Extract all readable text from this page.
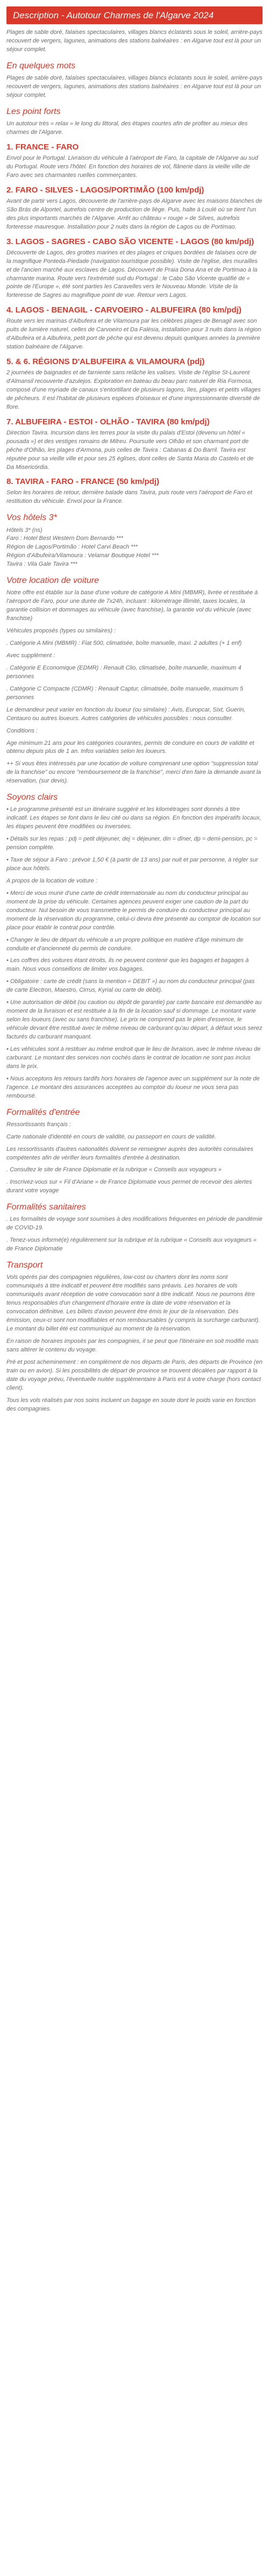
Description - Autotour Charmes de l'Algarve 2024

Plages de sable doré, falaises spectaculaires, villages blancs éclatants sous le soleil, arrière-pays recouvert de vergers, lagunes, animations des stations balnéaires : en Algarve tout est là pour un séjour complet.

En quelques mots

Plages de sable doré, falaises spectaculaires, villages blancs éclatants sous le soleil, arrière-pays recouvert de vergers, lagunes, animations des stations balnéaires : en Algarve tout est là pour un séjour complet.

Les point forts

Un autotour très « relax » le long du littoral, des étapes courtes afin de profiter au mieux des charmes de l'Algarve.

1. FRANCE - FARO

Envol pour le Portugal. Livraison du véhicule à l'aéroport de Faro, la capitale de l'Algarve au sud du Portugal. Route vers l'hôtel. En fonction des horaires de vol, flânerie dans la vieille ville de Faro avec ses charmantes ruelles commerçantes.

2. FARO - SILVES - LAGOS/PORTIMÃO (100 km/pdj)

Avant de partir vers Lagos, découverte de l'arrière-pays de Algarve avec les maisons blanches de São Brás de Alportel, autrefois centre de production de liège. Puis, halte à Loulé où se tient l'un des plus importants marchés de l'Algarve. Arrêt au château « rouge » de Silves, autrefois forteresse mauresque. Installation pour 2 nuits dans la région de Lagos ou de Portimao.

3. LAGOS - SAGRES - CABO SÃO VICENTE - LAGOS (80 km/pdj)

Découverte de Lagos, des grottes marines et des plages et criques bordées de falaises ocre de la magnifique Ponteda-Piedade (navigation touristique possible). Visite de l'église, des murailles et de l'ancien marché aux esclaves de Lagos. Découvert de Praia Dona Ana et de Portimao à la charmante marina. Route vers l'extrémité sud du Portugal : le Cabo São Vicente qualifié de « pointe de l'Europe », été sont parties les Caravelles vers le Nouveau Monde. Visite de la forteresse de Sagres au magnifique point de vue. Retour vers Lagos.

4. LAGOS - BENAGIL - CARVOEIRO - ALBUFEIRA (80 km/pdj)

Route vers les marinas d'Albufeira et de Vilamoura par les célèbres plages de Benagil avec son puits de lumière naturel, celles de Carvoeiro et Da Falésia, installation pour 3 nuits dans la région d'Albufeira et à Albufeira, petit port de pêche qui est devenu depuis quelques années la première station balnéaire de l'Algarve.

5. & 6. RÉGIONS D'ALBUFEIRA & VILAMOURA (pdj)

2 journées de baignades et de farniente sans relâche les valises. Visite de l'église St-Laurent d'Almansil recouverte d'azulejos. Exploration en bateau du beau parc naturel de Ria Formosa, composé d'une myriade de canaux s'entortillant de plusieurs lagons, îles, plages et petits villages de pêcheurs. Il est l'habitat de plusieurs espèces d'oiseaux et d'une impressionnante diversité de flore.

7. ALBUFEIRA - ESTOI - OLHÃO - TAVIRA (80 km/pdj)

Direction Tavira. Incursion dans les terres pour la visite du palais d'Estoi (devenu un hôtel « pousada ») et des vestiges romains de Milreu. Poursuite vers Olhão et son charmant port de pêche d'Olhão, les plages d'Armona, puis celles de Tavira : Cabanas & Do Barril. Tavira est réputée pour sa vieille ville et pour ses 25 églises, dont celles de Santa Maria do Castelo et de Da Misericórdia.

8. TAVIRA - FARO - FRANCE (50 km/pdj)

Selon les horaires de retour, dernière balade dans Tavira, puis route vers l'aéroport de Faro et restitution du véhicule. Envol pour la France.

Vos hôtels 3*

Hôtels 3* (ns)
Faro : Hotel Best Western Dom Bernardo ***
Région de Lagos/Portimão : Hotel Carvi Beach ***
Région d'Albufeira/Vilamoura : Velamar Boutique Hotel ***
Tavira : Vila Gale Tavira ***

Votre location de voiture

Notre offre est établie sur la base d'une voiture de catégorie A Mini (MBMR), livrée et restituée à l'aéroport de Faro, pour une durée de 7x24h, incluant : kilométrage illimité, taxes locales, la garantie collision et dommages au véhicule (avec franchise), la garantie vol du véhicule (avec franchise)

Véhicules proposés (types ou similaires) :

. Catégorie A Mini (MBMR) : Fiat 500, climatisée, boîte manuelle, maxi. 2 adultes (+ 1 enf)

Avec supplément :

. Catégorie E Economique (EDMR) : Renault Clio, climatisée, boîte manuelle, maximum 4 personnes

. Catégorie C Compacte (CDMR) : Renault Captur, climatisée, boîte manuelle, maximum 5 personnes

Le demandeur peut varier en fonction du loueur (ou similaire) : Avis, Europcar, Sixt, Guerin, Centauro ou autres loueurs. Autres catégories de véhicules possibles : nous consulter.

Conditions :

Age minimum 21 ans pour les catégories courantes, permis de conduire en cours de validité et obtenu depuis plus de 1 an. Infos variables selon les loueurs.

++ Si vous êtes intéressés par une location de voiture comprenant une option "suppression total de la franchise" ou encore "remboursement de la franchise", merci d'en faire la demande avant la réservation, (sur devis).

Soyons clairs

• Le programme présenté est un itinéraire suggéré et les kilométrages sont donnés à titre indicatif. Les étapes se font dans le lieu cité ou dans sa région. En fonction des impératifs locaux, les étapes peuvent être modifiées ou inversées.

• Détails sur les repas : pdj = petit déjeuner, dej = déjeuner, din = dîner, dp = demi-pension, pc = pension complète.

• Taxe de séjour à Faro : prévoir 1,50 € (à partir de 13 ans) par nuit et par personne, à régler sur place aux hôtels.

A propos de la location de voiture :

• Merci de vous munir d'une carte de crédit internationale au nom du conducteur principal au moment de la prise du véhicule. Certaines agences peuvent exiger une caution de la part du conducteur. Nul besoin de vous transmettre le permis de conduire du conducteur principal au moment de la réservation du programme, celui-ci devra être présenté au comptoir de location sur place pour établir le contrat pour contrôle.

• Changer le lieu de départ du véhicule a un propre politique en matière d'âge minimum de conduite et d'ancienneté du permis de conduire.

• Les coffres des voitures étant étroits, ils ne peuvent contenir que les bagages et bagages à main. Nous vous conseillons de limiter vos bagages.

• Obligatoire : carte de crédit (sans la mention « DEBIT ») au nom du conducteur principal (pas de carte Electron, Maestro, Cirrus, Kyrial ou carte de débit).

• Une autorisation de débit (ou caution ou dépôt de garantie) par carte bancaire est demandée au moment de la livraison et est restituée à la fin de la location sauf si dommage. Le montant varie selon les loueurs (avec ou sans franchise). Le prix ne comprend pas le plein d'essence, le véhicule devant être restitué avec le même niveau de carburant qu'au départ, à défaut vous serez facturés du carburant manquant.

• Les véhicules sont à restituer au même endroit que le lieu de livraison, avec le même niveau de carburant. Le montant des services non cochés dans le contrat de location ne sont pas inclus dans le prix.

• Nous acceptons les retours tardifs hors horaires de l'agence avec un supplément sur la note de l'agence. Le montant des assurances acceptées au comptoir du loueur ne vous sera pas remboursé.

Formalités d'entrée

Ressortissants français :

Carte nationale d'identité en cours de validité, ou passeport en cours de validité.

Les ressortissants d'autres nationalités doivent se renseigner auprès des autorités consulaires compétentes afin de vérifier leurs formalités d'entrée à destination.

. Consultez le site de France Diplomatie et la rubrique « Conseils aux voyageurs »

. Inscrivez-vous sur « Fil d'Ariane » de France Diplomatie vous permet de recevoir des alertes durant votre voyage

Formalités sanitaires

. Les formalités de voyage sont soumises à des modifications fréquentes en période de pandémie de COVID-19.

. Tenez-vous informé(e) régulièrement sur la rubrique et la rubrique « Conseils aux voyageurs » de France Diplomatie

Transport

Vols opérés par des compagnies régulières, low-cost ou charters dont les noms sont communiqués à titre indicatif et peuvent être modifiés sans préavis. Les horaires de vols communiqués avant réception de votre convocation sont à titre indicatif. Nous ne pourrons être tenus responsables d'un changement d'horaire entre la date de votre réservation et la convocation définitive. Les billets d'avion peuvent être émis le jour de la réservation. Dès émission, ceux-ci sont non modifiables et non remboursables (y compris la surcharge carburant). Le montant du billet été est communiqué au moment de la réservation.

En raison de horaires imposés par les compagnies, il se peut que l'itinéraire en soit modifié mais sans altérer le contenu du voyage.

Pré et post acheminement : en complément de nos départs de Paris, des départs de Province (en train ou en avion). Si les possibilités de départ de province se trouvent décalées par rapport à la date du voyage prévu, l'éventuelle nuitée supplémentaire à Paris est à votre charge (hors contact client).

Tous les vols réalisés par nos soins incluent un bagage en soute dont le poids varie en fonction des compagnies.
